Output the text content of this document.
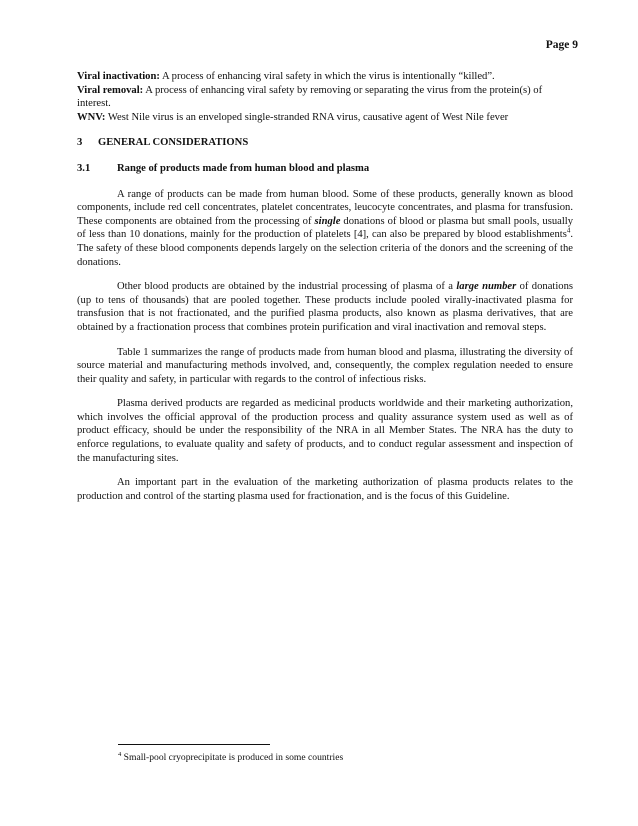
Page 9

Viral inactivation: A process of enhancing viral safety in which the virus is intentionally “killed”.

Viral removal: A process of enhancing viral safety by removing or separating the virus from the protein(s) of interest.

WNV: West Nile virus is an enveloped single-stranded RNA virus, causative agent of West Nile fever

3	GENERAL CONSIDERATIONS
3.1	Range of products made from human blood and plasma

A range of products can be made from human blood. Some of these products, generally known as blood components, include red cell concentrates, platelet concentrates, leucocyte concentrates, and plasma for transfusion. These components are obtained from the processing of single donations of blood or plasma but small pools, usually of less than 10 donations, mainly for the production of platelets [4], can also be prepared by blood establishments$^4$. The safety of these blood components depends largely on the selection criteria of the donors and the screening of the donations.

Other blood products are obtained by the industrial processing of plasma of a large number of donations (up to tens of thousands) that are pooled together. These products include pooled virally-inactivated plasma for transfusion that is not fractionated, and the purified plasma products, also known as plasma derivatives, that are obtained by a fractionation process that combines protein purification and viral inactivation and removal steps.

Table 1 summarizes the range of products made from human blood and plasma, illustrating the diversity of source material and manufacturing methods involved, and, consequently, the complex regulation needed to ensure their quality and safety, in particular with regards to the control of infectious risks.

Plasma derived products are regarded as medicinal products worldwide and their marketing authorization, which involves the official approval of the production process and quality assurance system used as well as of product efficacy, should be under the responsibility of the NRA in all Member States. The NRA has the duty to enforce regulations, to evaluate quality and safety of products, and to conduct regular assessment and inspection of the manufacturing sites.

An important part in the evaluation of the marketing authorization of plasma products relates to the production and control of the starting plasma used for fractionation, and is the focus of this Guideline.

$^4$ Small-pool cryoprecipitate is produced in some countries
